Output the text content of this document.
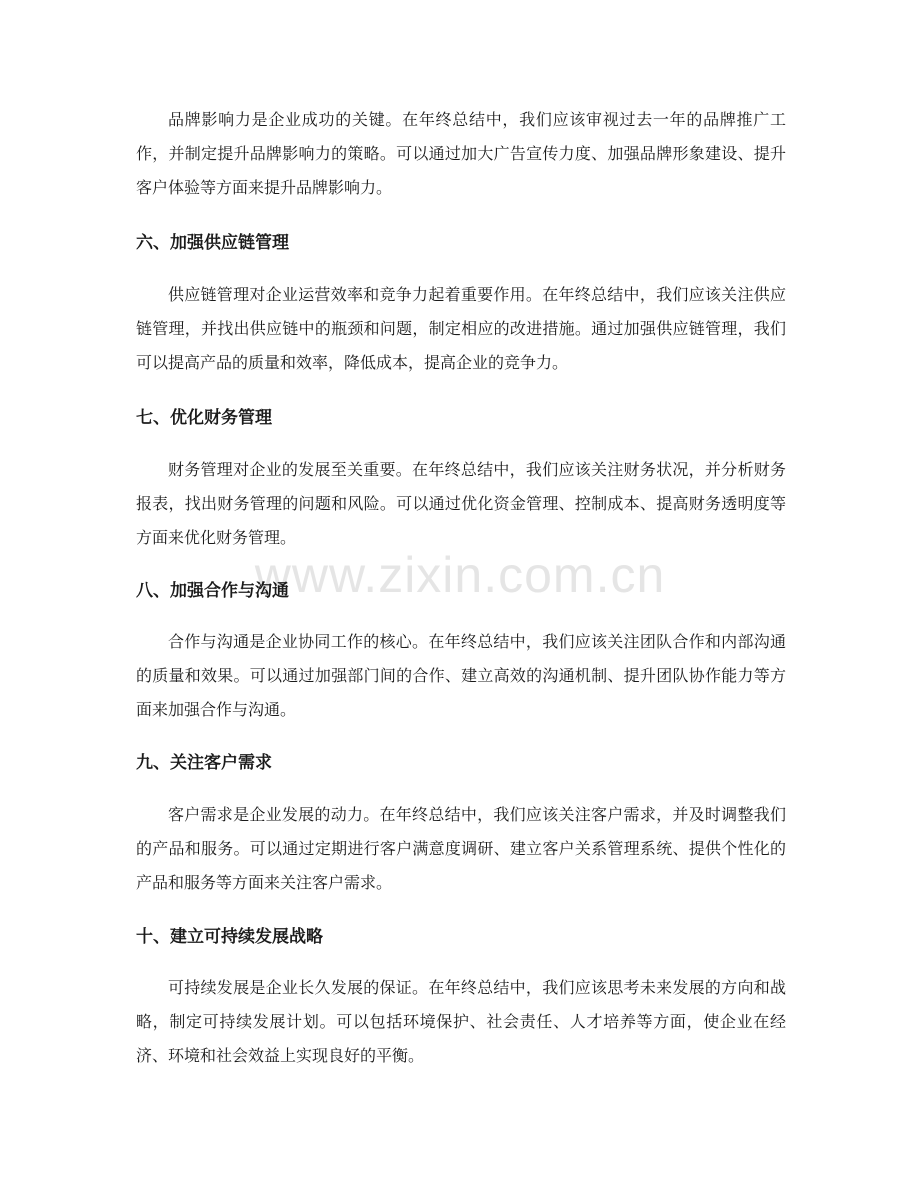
www.zixin.com.cn

品牌影响力是企业成功的关键。在年终总结中，我们应该审视过去一年的品牌推广工作，并制定提升品牌影响力的策略。可以通过加大广告宣传力度、加强品牌形象建设、提升客户体验等方面来提升品牌影响力。

六、加强供应链管理

供应链管理对企业运营效率和竞争力起着重要作用。在年终总结中，我们应该关注供应链管理，并找出供应链中的瓶颈和问题，制定相应的改进措施。通过加强供应链管理，我们可以提高产品的质量和效率，降低成本，提高企业的竞争力。

七、优化财务管理

财务管理对企业的发展至关重要。在年终总结中，我们应该关注财务状况，并分析财务报表，找出财务管理的问题和风险。可以通过优化资金管理、控制成本、提高财务透明度等方面来优化财务管理。

八、加强合作与沟通

合作与沟通是企业协同工作的核心。在年终总结中，我们应该关注团队合作和内部沟通的质量和效果。可以通过加强部门间的合作、建立高效的沟通机制、提升团队协作能力等方面来加强合作与沟通。

九、关注客户需求

客户需求是企业发展的动力。在年终总结中，我们应该关注客户需求，并及时调整我们的产品和服务。可以通过定期进行客户满意度调研、建立客户关系管理系统、提供个性化的产品和服务等方面来关注客户需求。

十、建立可持续发展战略

可持续发展是企业长久发展的保证。在年终总结中，我们应该思考未来发展的方向和战略，制定可持续发展计划。可以包括环境保护、社会责任、人才培养等方面，使企业在经济、环境和社会效益上实现良好的平衡。
